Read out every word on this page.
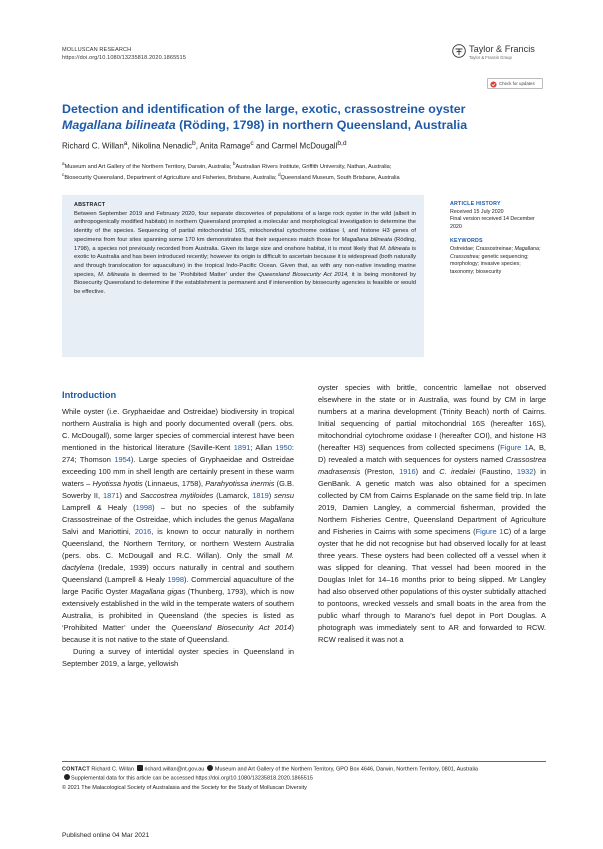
MOLLUSCAN RESEARCH
https://doi.org/10.1080/13235818.2020.1865515
Taylor & Francis
Taylor & Francis Group
Check for updates
Detection and identification of the large, exotic, crassostreine oyster
Magallana bilineata (Röding, 1798) in northern Queensland, Australia
Richard C. Willan$^a$, Nikolina Nenadic$^b$, Anita Ramage$^c$ and Carmel McDougall$^{b,d}$
$^a$Museum and Art Gallery of the Northern Territory, Darwin, Australia; $^b$Australian Rivers Institute, Griffith University, Nathan, Australia;
$^c$Biosecurity Queensland, Department of Agriculture and Fisheries, Brisbane, Australia; $^d$Queensland Museum, South Brisbane, Australia
ABSTRACT
Between September 2019 and February 2020, four separate discoveries of populations of a large rock oyster in the wild (albeit in anthropogenically modified habitats) in northern Queensland prompted a molecular and morphological investigation to determine the identity of the species. Sequencing of partial mitochondrial 16S, mitochondrial cytochrome oxidase I, and histone H3 genes of specimens from four sites spanning some 170 km demonstrates that their sequences match those for Magallana bilineata (Röding, 1798), a species not previously recorded from Australia. Given its large size and onshore habitat, it is most likely that M. bilineata is exotic to Australia and has been introduced recently; however its origin is difficult to ascertain because it is widespread (both naturally and through translocation for aquaculture) in the tropical Indo-Pacific Ocean. Given that, as with any non-native invading marine species, M. bilineata is deemed to be ‘Prohibited Matter’ under the Queensland Biosecurity Act 2014, it is being monitored by Biosecurity Queensland to determine if the establishment is permanent and if intervention by biosecurity agencies is feasible or would be effective.

ARTICLE HISTORY

Received 15 July 2020

Final version received 14 December 2020

KEYWORDS

Ostreidae; Crassostreinae; Magallana; Crassostrea; genetic sequencing; morphology; invasive species; taxonomy; biosecurity

Introduction

While oyster (i.e. Gryphaeidae and Ostreidae) biodiversity in tropical northern Australia is high and poorly documented overall (pers. obs. C. McDougall), some larger species of commercial interest have been mentioned in the historical literature (Saville-Kent 1891; Allan 1950: 274; Thomson 1954). Large species of Gryphaeidae and Ostreidae exceeding 100 mm in shell length are certainly present in these warm waters – Hyotissa hyotis (Linnaeus, 1758), Parahyotissa inermis (G.B. Sowerby II, 1871) and Saccostrea mytiloides (Lamarck, 1819) sensu Lamprell & Healy (1998) – but no species of the subfamily Crassostreinae of the Ostreidae, which includes the genus Magallana Salvi and Mariottini, 2016, is known to occur naturally in northern Queensland, the Northern Territory, or northern Western Australia (pers. obs. C. McDougall and R.C. Willan). Only the small M. dactylena (Iredale, 1939) occurs naturally in central and southern Queensland (Lamprell & Healy 1998). Commercial aquaculture of the large Pacific Oyster Magallana gigas (Thunberg, 1793), which is now extensively established in the wild in the temperate waters of southern Australia, is prohibited in Queensland (the species is listed as ‘Prohibited Matter’ under the Queensland Biosecurity Act 2014) because it is not native to the state of Queensland.

During a survey of intertidal oyster species in Queensland in September 2019, a large, yellowish

oyster species with brittle, concentric lamellae not observed elsewhere in the state or in Australia, was found by CM in large numbers at a marina development (Trinity Beach) north of Cairns. Initial sequencing of partial mitochondrial 16S (hereafter 16S), mitochondrial cytochrome oxidase I (hereafter COI), and histone H3 (hereafter H3) sequences from collected specimens (Figure 1A, B, D) revealed a match with sequences for oysters named Crassostrea madrasensis (Preston, 1916) and C. iredalei (Faustino, 1932) in GenBank. A genetic match was also obtained for a specimen collected by CM from Cairns Esplanade on the same field trip. In late 2019, Damien Langley, a commercial fisherman, provided the Northern Fisheries Centre, Queensland Department of Agriculture and Fisheries in Cairns with some specimens (Figure 1C) of a large oyster that he did not recognise but had observed locally for at least three years. These oysters had been collected off a vessel when it was slipped for cleaning. That vessel had been moored in the Douglas Inlet for 14–16 months prior to being slipped. Mr Langley had also observed other populations of this oyster subtidally attached to pontoons, wrecked vessels and small boats in the area from the public wharf through to Marano’s fuel depot in Port Douglas. A photograph was immediately sent to AR and forwarded to RCW. RCW realised it was not a

CONTACT Richard C. Willan richard.willan@nt.gov.au Museum and Art Gallery of the Northern Territory, GPO Box 4646, Darwin, Northern Territory, 0801, Australia
Supplemental data for this article can be accessed https://doi.org/10.1080/13235818.2020.1865515
© 2021 The Malacological Society of Australasia and the Society for the Study of Molluscan Diversity
Published online 04 Mar 2021
